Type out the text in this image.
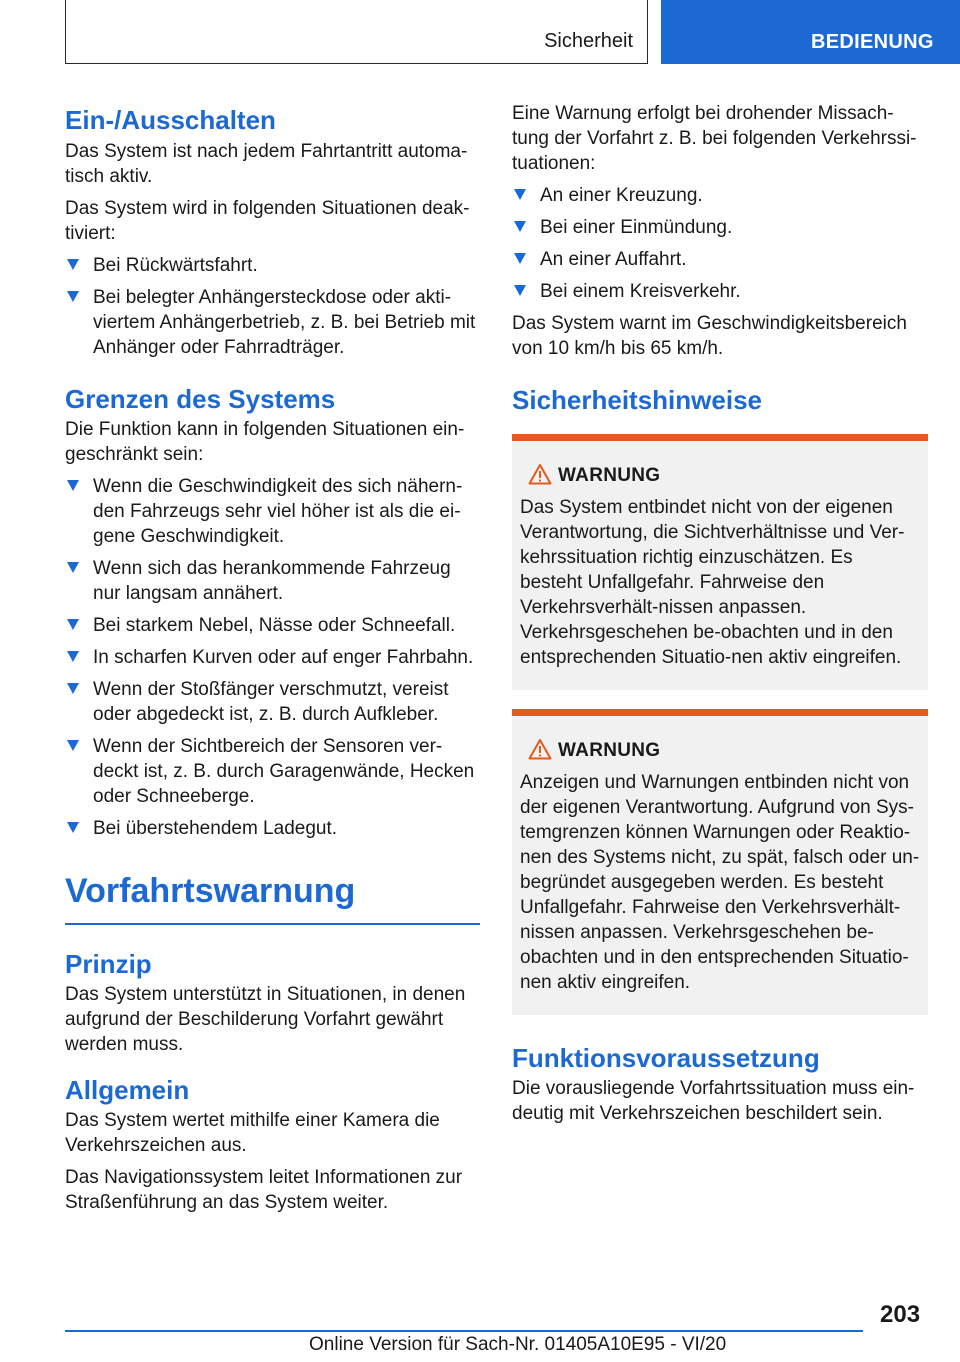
Sicherheit	BEDIENUNG
Ein-/Ausschalten

Das System ist nach jedem Fahrtantritt automa-tisch aktiv.

Das System wird in folgenden Situationen deak-tiviert:

Bei Rückwärtsfahrt.
Bei belegter Anhängersteckdose oder akti-viertem Anhängerbetrieb, z. B. bei Betrieb mit Anhänger oder Fahrradträger.
Grenzen des Systems

Die Funktion kann in folgenden Situationen ein-geschränkt sein:

Wenn die Geschwindigkeit des sich nähern-den Fahrzeugs sehr viel höher ist als die ei-gene Geschwindigkeit.
Wenn sich das herankommende Fahrzeug nur langsam annähert.
Bei starkem Nebel, Nässe oder Schneefall.
In scharfen Kurven oder auf enger Fahrbahn.
Wenn der Stoßfänger verschmutzt, vereist oder abgedeckt ist, z. B. durch Aufkleber.
Wenn der Sichtbereich der Sensoren ver-deckt ist, z. B. durch Garagenwände, Hecken oder Schneeberge.
Bei überstehendem Ladegut.
Vorfahrtswarnung
Prinzip

Das System unterstützt in Situationen, in denen aufgrund der Beschilderung Vorfahrt gewährt werden muss.

Allgemein

Das System wertet mithilfe einer Kamera die Verkehrszeichen aus.

Das Navigationssystem leitet Informationen zur Straßenführung an das System weiter.

Eine Warnung erfolgt bei drohender Missach-tung der Vorfahrt z. B. bei folgenden Verkehrssi-tuationen:

An einer Kreuzung.
Bei einer Einmündung.
An einer Auffahrt.
Bei einem Kreisverkehr.

Das System warnt im Geschwindigkeitsbereich von 10 km/h bis 65 km/h.

Sicherheitshinweise
WARNUNG

Das System entbindet nicht von der eigenen Verantwortung, die Sichtverhältnisse und Ver-kehrssituation richtig einzuschätzen. Es besteht Unfallgefahr. Fahrweise den Verkehrsverhält-nissen anpassen. Verkehrsgeschehen be-obachten und in den entsprechenden Situatio-nen aktiv eingreifen.

WARNUNG

Anzeigen und Warnungen entbinden nicht von der eigenen Verantwortung. Aufgrund von Sys-temgrenzen können Warnungen oder Reaktio-nen des Systems nicht, zu spät, falsch oder un-begründet ausgegeben werden. Es besteht Unfallgefahr. Fahrweise den Verkehrsverhält-nissen anpassen. Verkehrsgeschehen be-obachten und in den entsprechenden Situatio-nen aktiv eingreifen.

Funktionsvoraussetzung

Die vorausliegende Vorfahrtssituation muss ein-deutig mit Verkehrszeichen beschildert sein.

203
Online Version für Sach-Nr. 01405A10E95 - VI/20
